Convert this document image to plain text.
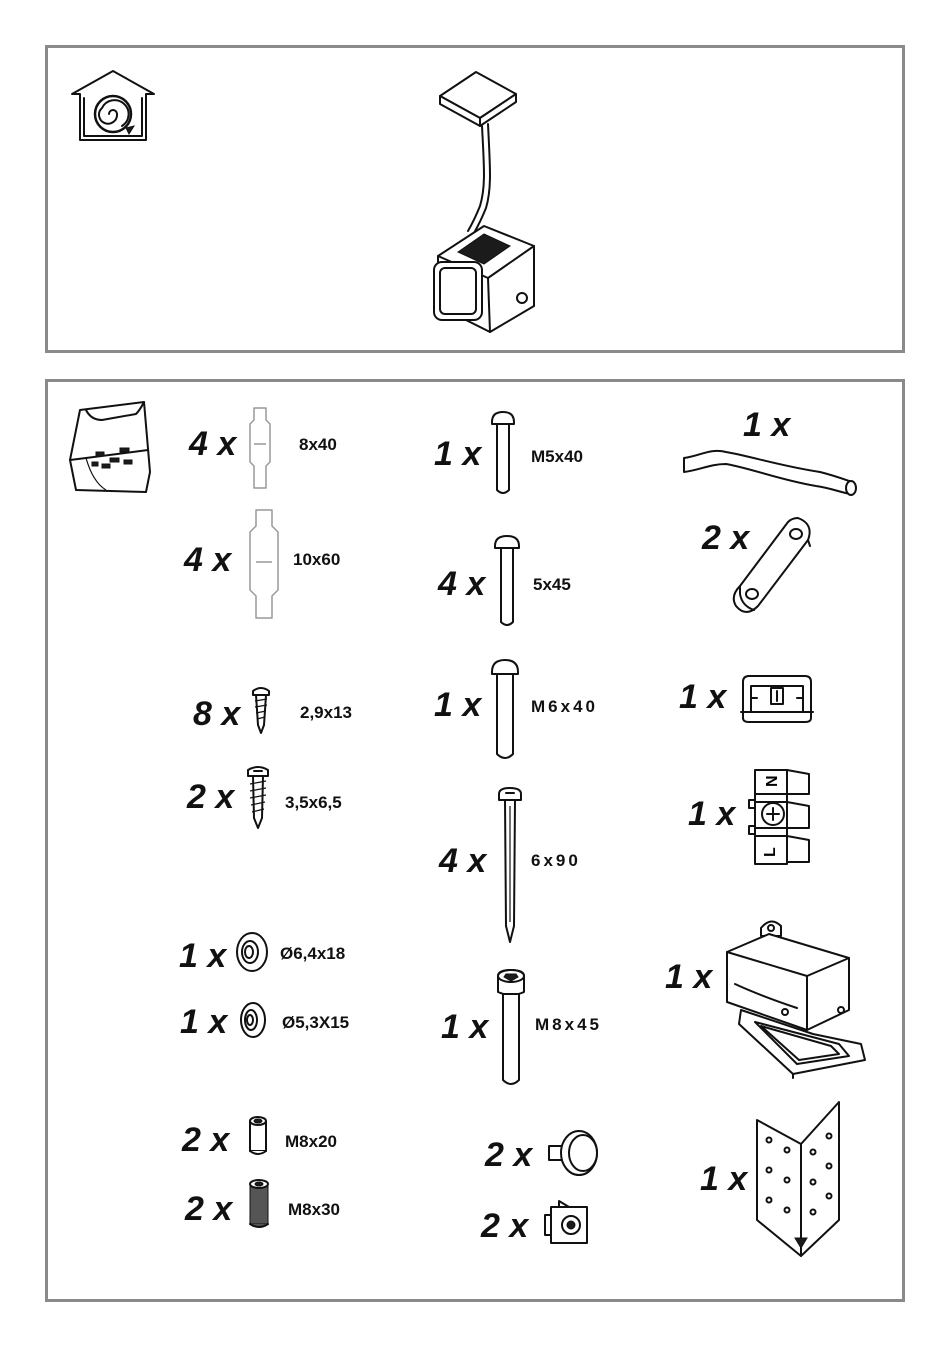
4 x	8x40
4 x	10x60
8 x	2,9x13
2 x	3,5x6,5
1 x	Ø6,4x18
1 x	Ø5,3X15
2 x	M8x20
2 x	M8x30
1 x	M5x40
4 x	5x45
1 x	M6x40
4 x	6x90
1 x	M8x45
2 x
2 x
1 x
2 x
1 x
1 x
N
L
1 x
1 x
